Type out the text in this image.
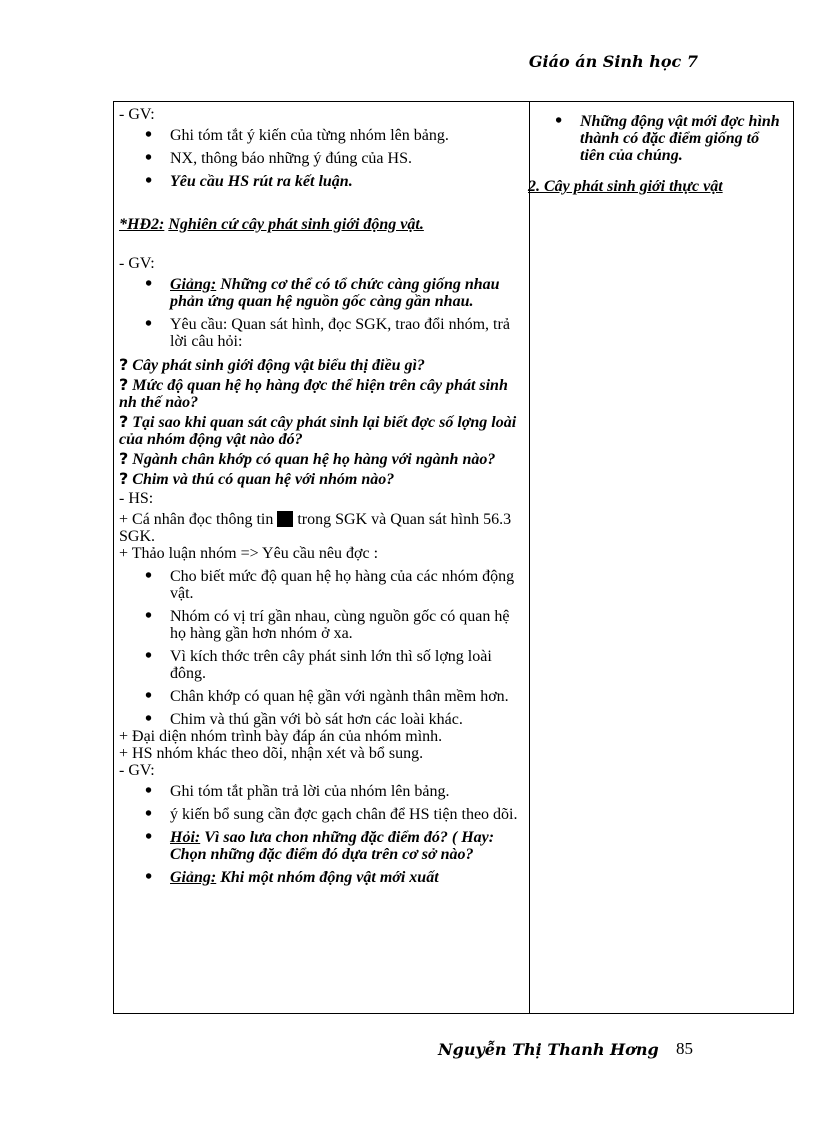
Giáo án Sinh học 7

- GV:

• Ghi tóm tắt ý kiến của từng nhóm lên bảng.
• NX, thông báo những ý đúng của HS.
• Yêu cầu HS rút ra kết luận.

*HĐ2: Nghiên cứ cây phát sinh giới động vật.

- GV:

• Giảng: Những cơ thể có tổ chức càng giống nhau phản ứng quan hệ nguồn gốc càng gần nhau.
• Yêu cầu: Quan sát hình, đọc SGK, trao đổi nhóm, trả lời câu hỏi:

? Cây phát sinh giới động vật biểu thị điều gì?

? Mức độ quan hệ họ hàng đợc thể hiện trên cây phát sinh nh thế nào?

? Tại sao khi quan sát cây phát sinh lại biết đợc số lợng loài của nhóm động vật nào đó?

? Ngành chân khớp có quan hệ họ hàng với ngành nào?

? Chim và thú có quan hệ với nhóm nào?

- HS:

+ Cá nhân đọc thông tin  trong SGK và Quan sát hình 56.3 SGK.

+ Thảo luận nhóm => Yêu cầu nêu đợc :

• Cho biết mức độ quan hệ họ hàng của các nhóm động vật.
• Nhóm có vị trí gần nhau, cùng nguồn gốc có quan hệ họ hàng gần hơn nhóm ở xa.
• Vì kích thớc trên cây phát sinh lớn thì số lợng loài đông.
• Chân khớp có quan hệ gần với ngành thân mềm hơn.
• Chim và thú gần với bò sát hơn các loài khác.

+ Đại diện nhóm trình bày đáp án của nhóm mình.

+ HS nhóm khác theo dõi, nhận xét và bổ sung.

- GV:

• Ghi tóm tắt phần trả lời của nhóm lên bảng.
• ý kiến bổ sung cần đợc gạch chân để HS tiện theo dõi.
• Hỏi: Vì sao lưa chon những đặc điểm đó? ( Hay: Chọn những đặc điểm đó dựa trên cơ sở nào?
• Giảng: Khi một nhóm động vật mới xuất
• Những động vật mới đợc hình thành có đặc điểm giống tổ tiên của chúng.

2. Cây phát sinh giới thực vật

Nguyễn Thị Thanh Hơng 85
